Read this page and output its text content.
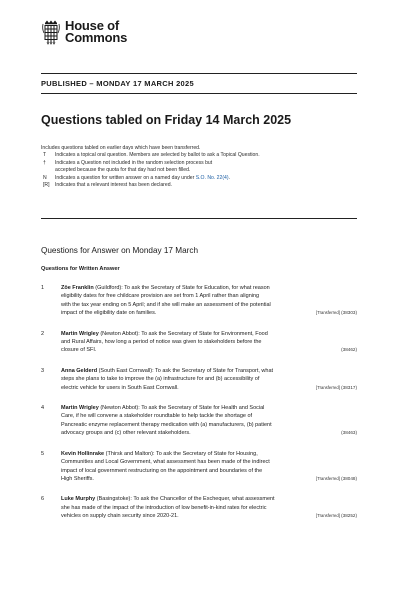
House of
Commons
PUBLISHED – MONDAY 17 MARCH 2025
Questions tabled on Friday 14 March 2025
Includes questions tabled on earlier days which have been transferred.
T	Indicates a topical oral question. Members are selected by ballot to ask a Topical Question.
†	Indicates a Question not included in the random selection process but
accepted because the quota for that day had not been filled.
N	Indicates a question for written answer on a named day under S.O. No. 22(4).
[R]	Indicates that a relevant interest has been declared.
Questions for Answer on Monday 17 March
Questions for Written Answer
1	Zöe Franklin (Guildford): To ask the Secretary of State for Education, for what reason
eligibility dates for free childcare provision are set from 1 April rather than aligning
with the tax year ending on 5 April; and if she will make an assessment of the potential
impact of the eligibility date on families.	[Transferred] (38303)
2	Martin Wrigley (Newton Abbot): To ask the Secretary of State for Environment, Food
and Rural Affairs, how long a period of notice was given to stakeholders before the
closure of SFI.	(38462)
3	Anna Gelderd (South East Cornwall): To ask the Secretary of State for Transport, what
steps she plans to take to improve the (a) infrastructure for and (b) accessibility of
electric vehicle for users in South East Cornwall.	[Transferred] (38317)
4	Martin Wrigley (Newton Abbot): To ask the Secretary of State for Health and Social
Care, if he will convene a stakeholder roundtable to help tackle the shortage of
Pancreatic enzyme replacement therapy medication with (a) manufacturers, (b) patient
advocacy groups and (c) other relevant stakeholders.	(38463)
5	Kevin Hollinrake (Thirsk and Malton): To ask the Secretary of State for Housing,
Communities and Local Government, what assessment has been made of the indirect
impact of local government restructuring on the appointment and boundaries of the
High Sheriffs.	[Transferred] (38048)
6	Luke Murphy (Basingstoke): To ask the Chancellor of the Exchequer, what assessment
she has made of the impact of the introduction of low benefit-in-kind rates for electric
vehicles on supply chain security since 2020-21.	[Transferred] (38252)
